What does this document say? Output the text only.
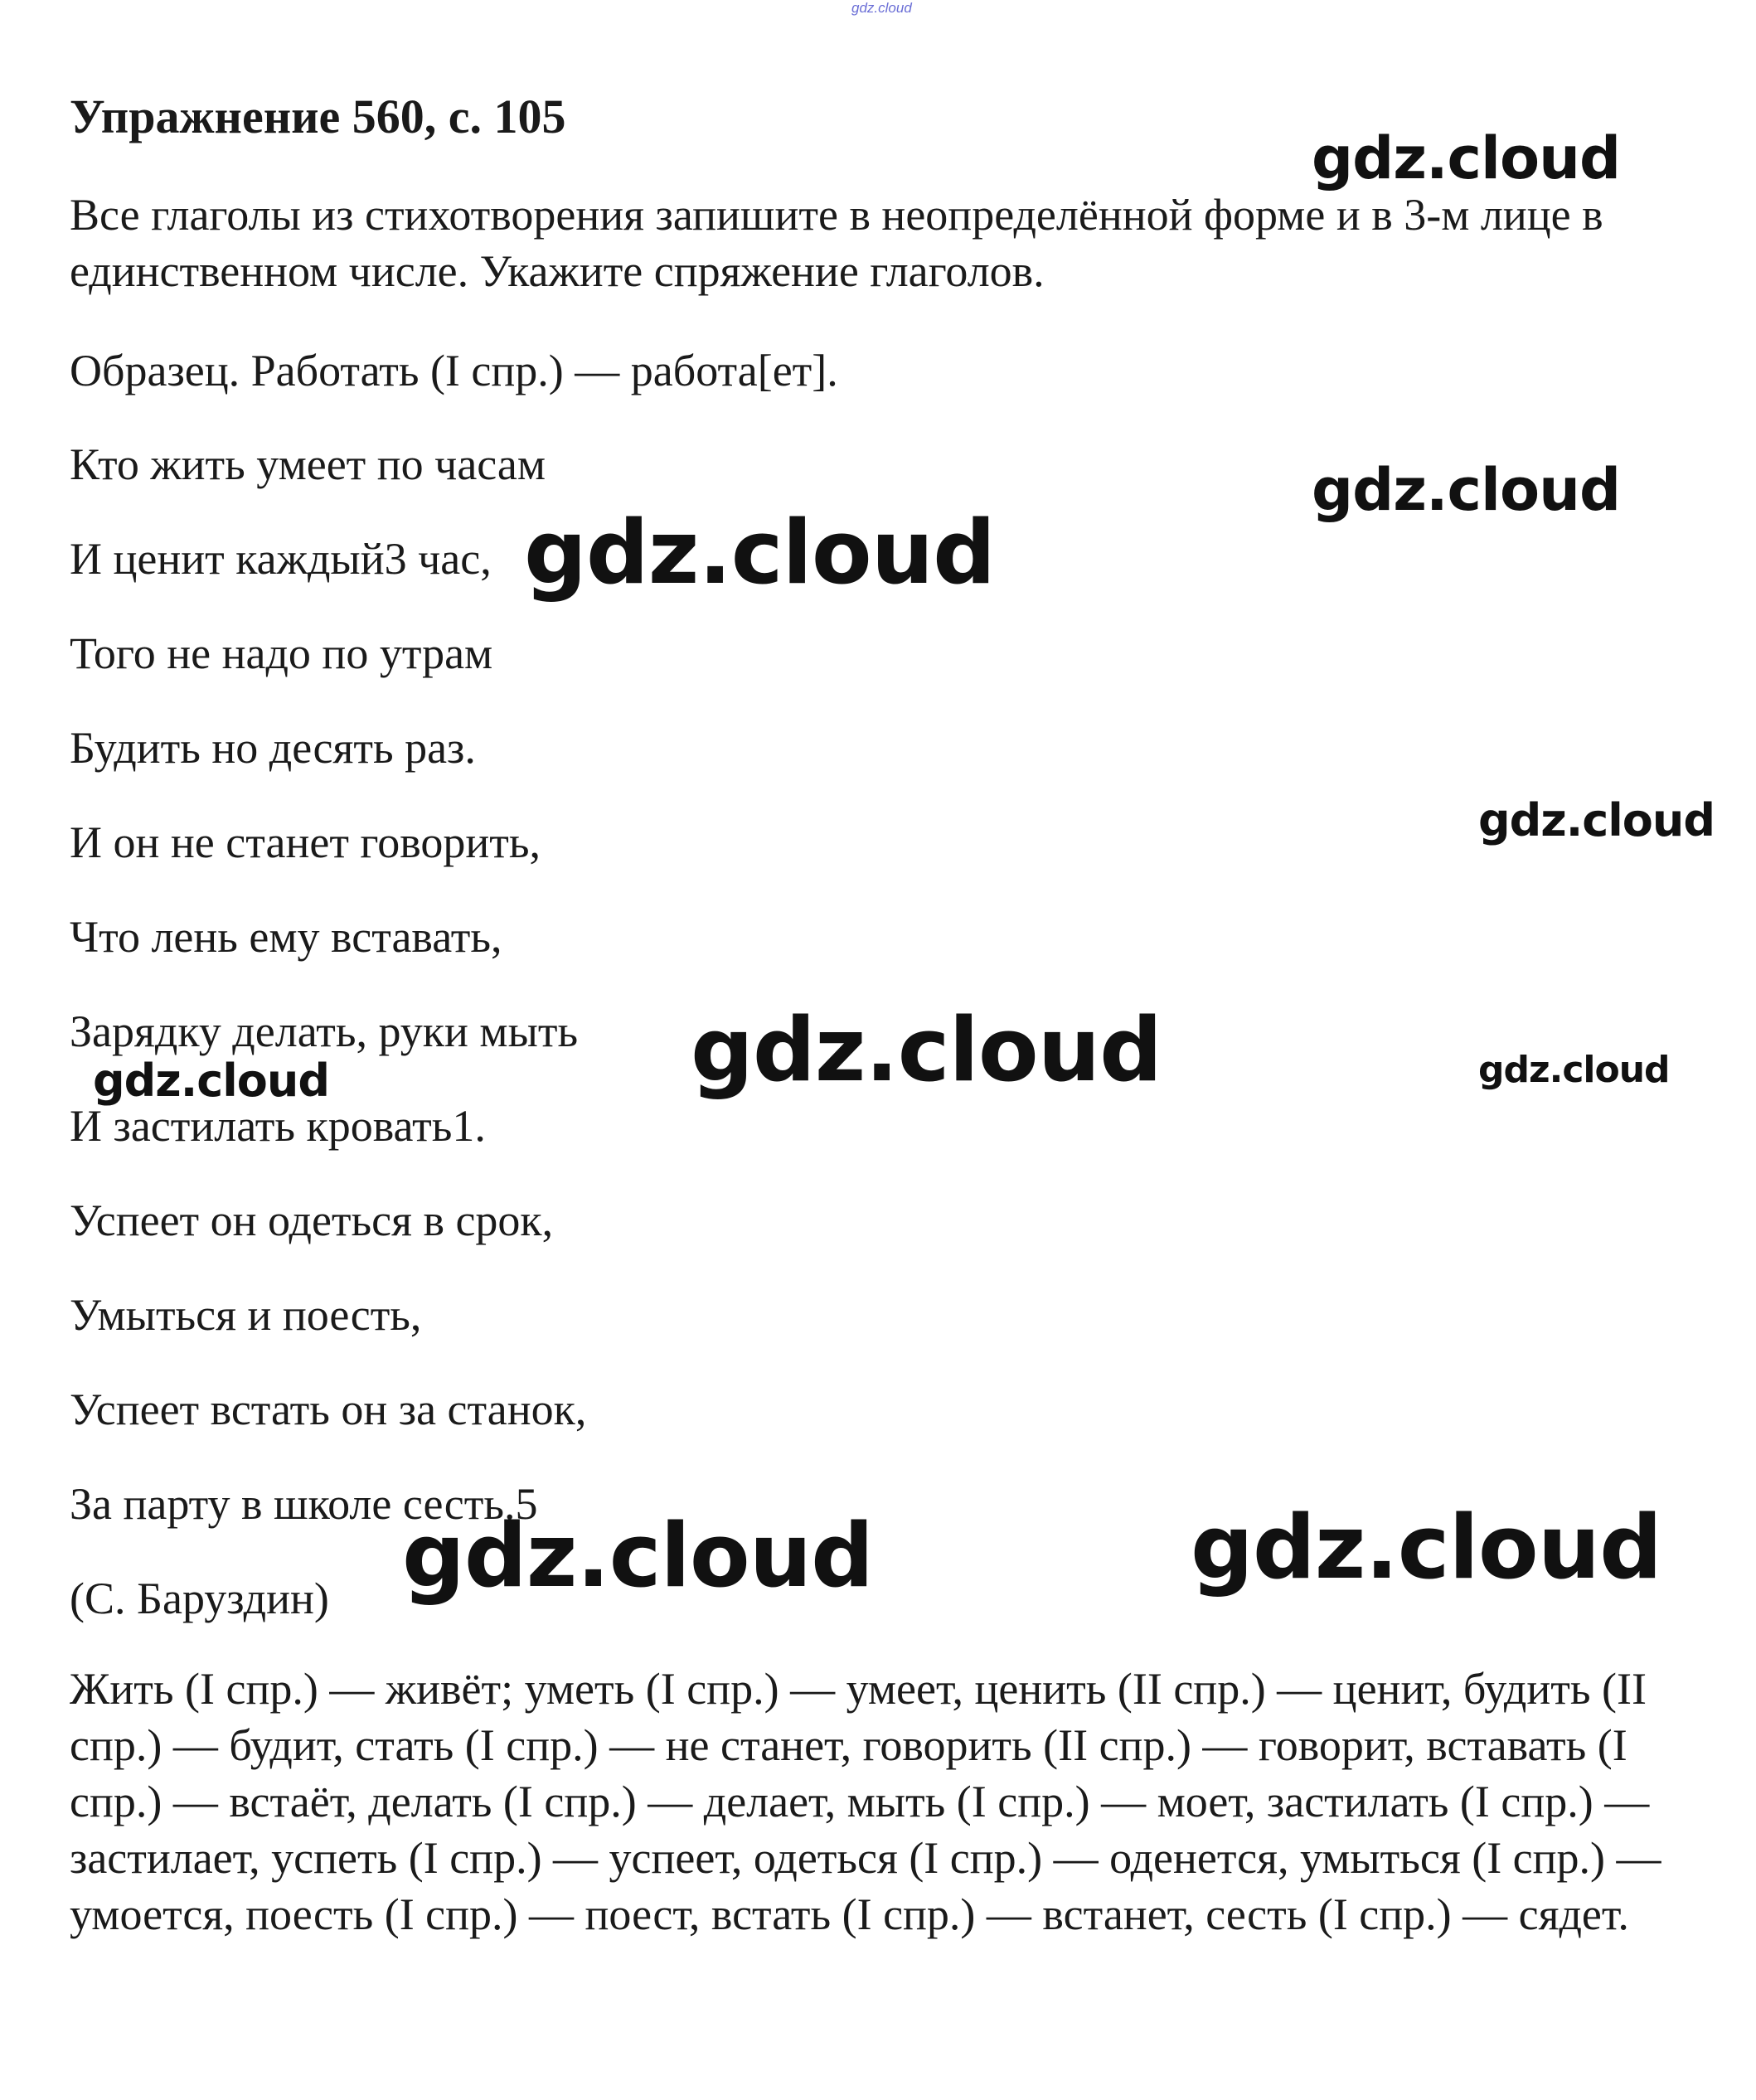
gdz.cloud
Упражнение 560, с. 105

Все глаголы из стихотворения запишите в неопределённой форме и в 3-м лице в единственном числе. Укажите спряжение глаголов.

Образец. Работать (I спр.) — работа[ет].

Кто жить умеет по часам

И ценит каждый3 час,

Того не надо по утрам

Будить но десять раз.

И он не станет говорить,

Что лень ему вставать,

Зарядку делать, руки мыть

И застилать кровать1.

Успеет он одеться в срок,

Умыться и поесть,

Успеет встать он за станок,

За парту в школе сесть.5

(С. Баруздин)

Жить (I спр.) — живёт; уметь (I спр.) — умеет, ценить (II спр.) — ценит, будить (II спр.) — будит, стать (I спр.) — не станет, говорить (II спр.) — говорит, вставать (I спр.) — встаёт, делать (I спр.) — делает, мыть (I спр.) — моет, застилать (I спр.) — застилает, успеть (I спр.) — успеет, одеться (I спр.) — оденется, умыться (I спр.) — умоется, поесть (I спр.) — поест, встать (I спр.) — встанет, сесть (I спр.) — сядет.

gdz.cloud
gdz.cloud
gdz.cloud
gdz.cloud
gdz.cloud
gdz.cloud	gdz.cloud
gdz.cloud	gdz.cloud
